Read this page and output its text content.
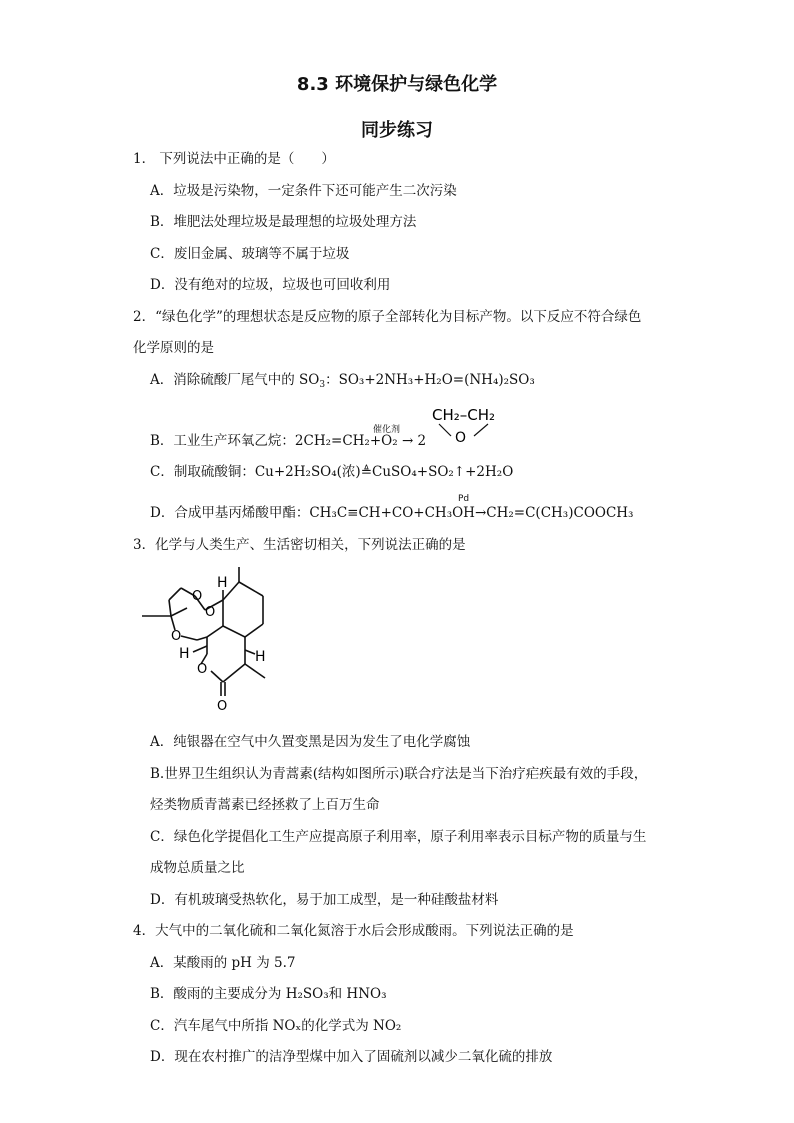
8.3 环境保护与绿色化学
同步练习
1． 下列说法中正确的是（　　）
A．垃圾是污染物，一定条件下还可能产生二次污染
B．堆肥法处理垃圾是最理想的垃圾处理方法
C．废旧金属、玻璃等不属于垃圾
D．没有绝对的垃圾，垃圾也可回收利用
2．“绿色化学”的理想状态是反应物的原子全部转化为目标产物。以下反应不符合绿色
化学原则的是
A．消除硫酸厂尾气中的 $SO_3$：SO₃+2NH₃+H₂O=(NH₄)₂SO₃
B．工业生产环氧乙烷：2CH₂=CH₂+O₂ → 2
催化剂
CH₂–CH₂
O
C．制取硫酸铜：Cu+2H₂SO₄(浓)≜CuSO₄+SO₂↑+2H₂O
D．合成甲基丙烯酸甲酯：CH₃C≡CH+CO+CH₃OH→CH₂=C(CH₃)COOCH₃
Pd
3．化学与人类生产、生活密切相关，下列说法正确的是
H
O
O
O
H
O
H
O
A．纯银器在空气中久置变黑是因为发生了电化学腐蚀
B.世界卫生组织认为青蒿素(结构如图所示)联合疗法是当下治疗疟疾最有效的手段，
烃类物质青蒿素已经拯救了上百万生命
C．绿色化学提倡化工生产应提高原子利用率，原子利用率表示目标产物的质量与生
成物总质量之比
D．有机玻璃受热软化，易于加工成型，是一种硅酸盐材料
4．大气中的二氧化硫和二氧化氮溶于水后会形成酸雨。下列说法正确的是
A．某酸雨的 pH 为 5.7
B．酸雨的主要成分为 H₂SO₃和 HNO₃
C．汽车尾气中所指 NOₓ的化学式为 NO₂
D．现在农村推广的洁净型煤中加入了固硫剂以减少二氧化硫的排放
